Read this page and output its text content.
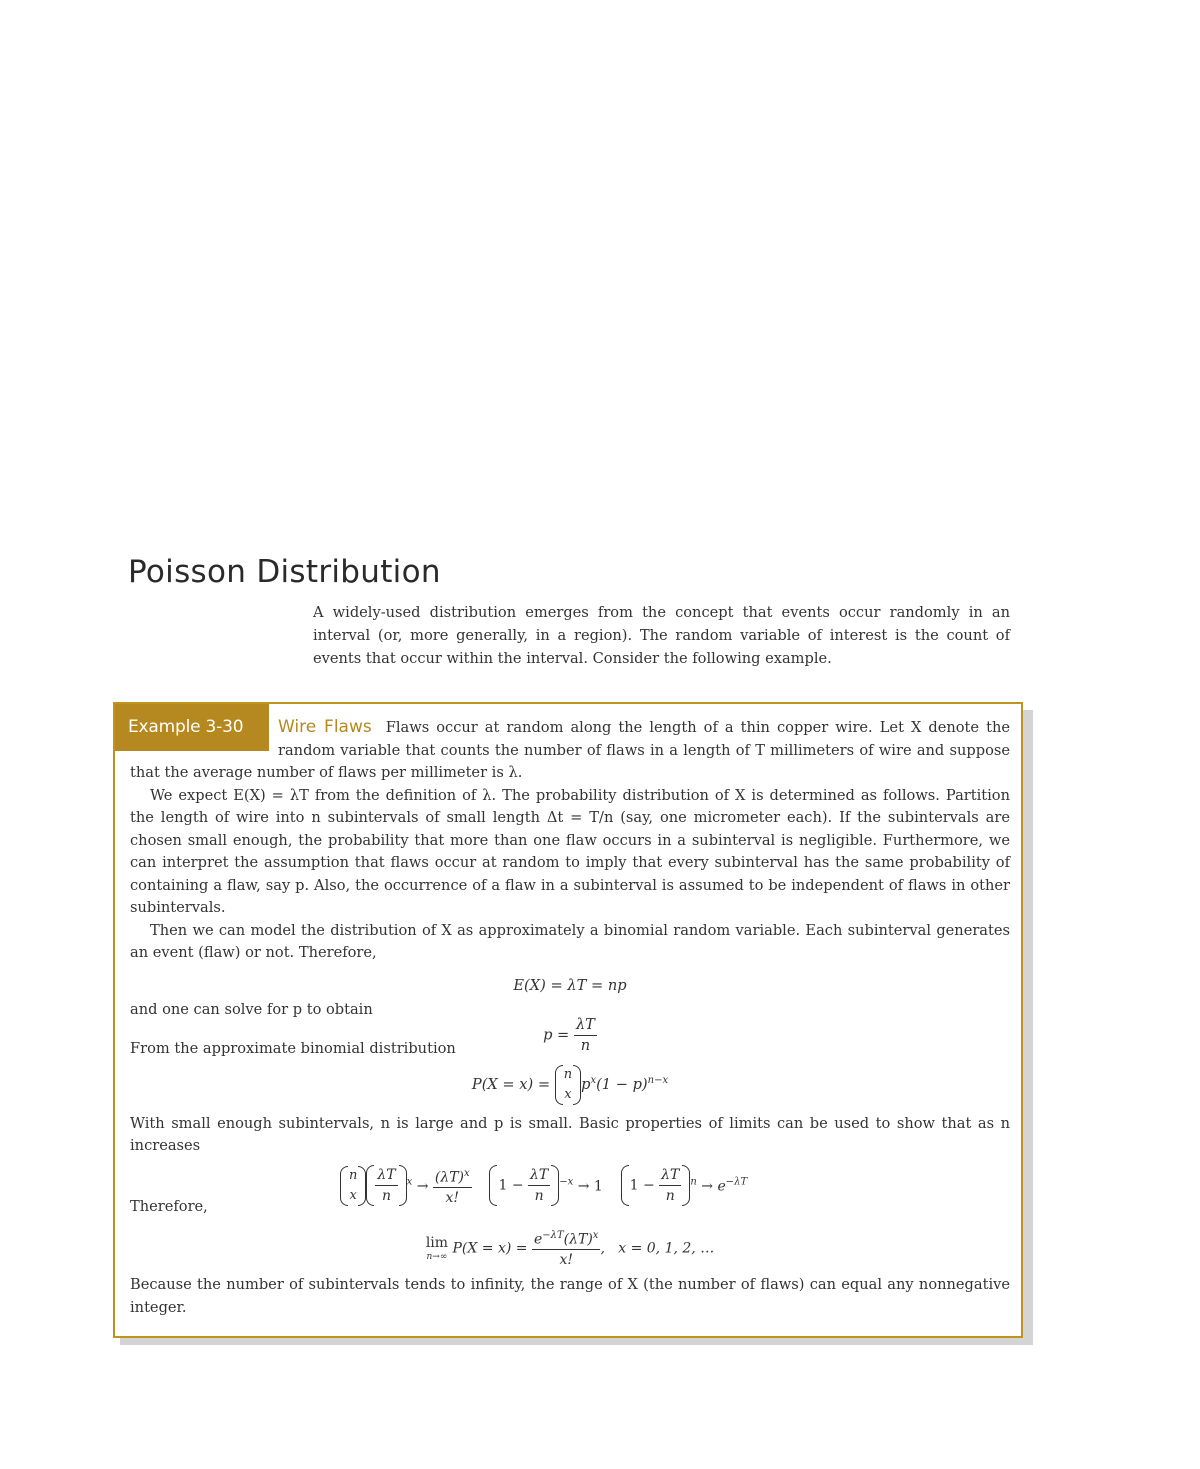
Poisson Distribution

A widely-used distribution emerges from the concept that events occur randomly in an interval (or, more generally, in a region). The random variable of interest is the count of events that occur within the interval. Consider the following example.

Example 3-30	Wire Flaws Flaws occur at random along the length of a thin copper wire. Let X denote the random variable that counts the number of flaws in a length of T millimeters of wire and suppose that the average number of flaws per millimeter is λ.

We expect E(X) = λT from the definition of λ. The probability distribution of X is determined as follows. Partition the length of wire into n subintervals of small length Δt = T/n (say, one micrometer each). If the subintervals are chosen small enough, the probability that more than one flaw occurs in a subinterval is negligible. Furthermore, we can interpret the assumption that flaws occur at random to imply that every subinterval has the same probability of containing a flaw, say p. Also, the occurrence of a flaw in a subinterval is assumed to be independent of flaws in other subintervals.

Then we can model the distribution of X as approximately a binomial random variable. Each subinterval generates an event (flaw) or not. Therefore,

E(X) = λT = np

and one can solve for p to obtain

$p = \frac{\lambda T}{n}$

From the approximate binomial distribution

P(X = x) =
n
x
$p^x(1 - p)^{n-x}$

With small enough subintervals, n is large and p is small. Basic properties of limits can be used to show that as n increases

n
x $\frac{\lambda T}{n} ^x \to \frac{(\lambda T)^x}{x!} 1 - \frac{\lambda T}{n} ^{-x} \to 1$    $1 - \frac{\lambda T}{n} ^n \to e^{-\lambda T}$
Therefore,
lim
n→∞
$P(X = x) = \frac{e^{-\lambda T}(\lambda T)^x}{x!}$ ,   x = 0, 1, 2, …

Because the number of subintervals tends to infinity, the range of X (the number of flaws) can equal any nonnegative integer.
